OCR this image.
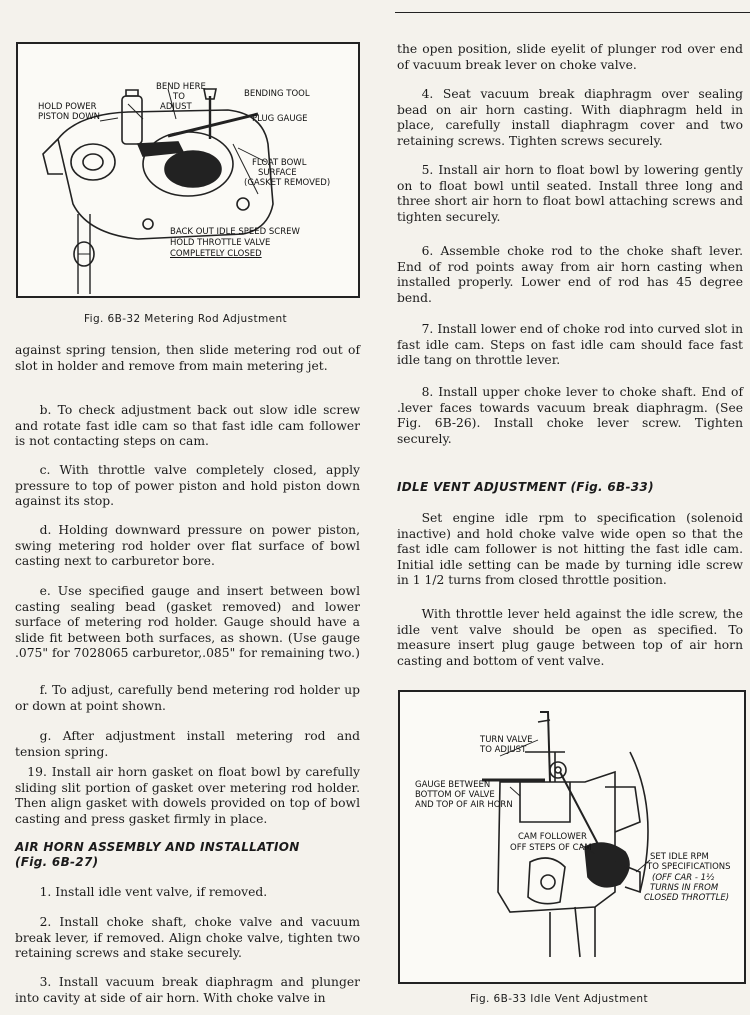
BEND HERE
TO
ADJUST
BENDING TOOL
HOLD POWER
PISTON DOWN	PLUG GAUGE
FLOAT BOWL
SURFACE
(GASKET REMOVED)
BACK OUT IDLE SPEED SCREW
HOLD THROTTLE VALVE
COMPLETELY CLOSED
Fig. 6B-32 Metering Rod Adjustment

against spring tension, then slide metering rod out of slot in holder and remove from main metering jet.

b. To check adjustment back out slow idle screw and rotate fast idle cam so that fast idle cam follower is not contacting steps on cam.

c. With throttle valve completely closed, apply pressure to top of power piston and hold piston down against its stop.

d. Holding downward pressure on power piston, swing metering rod holder over flat surface of bowl casting next to carburetor bore.

e. Use specified gauge and insert between bowl casting sealing bead (gasket removed) and lower surface of metering rod holder. Gauge should have a slide fit between both surfaces, as shown. (Use gauge .075" for 7028065 carburetor,.085" for remaining two.)

f. To adjust, carefully bend metering rod holder up or down at point shown.

g. After adjustment install metering rod and tension spring.

19. Install air horn gasket on float bowl by carefully sliding slit portion of gasket over metering rod holder. Then align gasket with dowels provided on top of bowl casting and press gasket firmly in place.

AIR HORN ASSEMBLY AND INSTALLATION
(Fig. 6B-27)

1. Install idle vent valve, if removed.

2. Install choke shaft, choke valve and vacuum break lever, if removed. Align choke valve, tighten two retaining screws and stake securely.

3. Install vacuum break diaphragm and plunger into cavity at side of air horn. With choke valve in

the open position, slide eyelit of plunger rod over end of vacuum break lever on choke valve.

4. Seat vacuum break diaphragm over sealing bead on air horn casting. With diaphragm held in place, carefully install diaphragm cover and two retaining screws. Tighten screws securely.

5. Install air horn to float bowl by lowering gently on to float bowl until seated. Install three long and three short air horn to float bowl attaching screws and tighten securely.

6. Assemble choke rod to the choke shaft lever. End of rod points away from air horn casting when installed properly. Lower end of rod has 45 degree bend.

7. Install lower end of choke rod into curved slot in fast idle cam. Steps on fast idle cam should face fast idle tang on throttle lever.

8. Install upper choke lever to choke shaft. End of .lever faces towards vacuum break diaphragm. (See Fig. 6B-26). Install choke lever screw. Tighten securely.

IDLE VENT ADJUSTMENT (Fig. 6B-33)

Set engine idle rpm to specification (solenoid inactive) and hold choke valve wide open so that the fast idle cam follower is not hitting the fast idle cam. Initial idle setting can be made by turning idle screw in 1 1/2 turns from closed throttle position.

With throttle lever held against the idle screw, the idle vent valve should be open as specified. To measure insert plug gauge between top of air horn casting and bottom of vent valve.

TURN VALVE
TO ADJUST
GAUGE BETWEEN
BOTTOM OF VALVE
AND TOP OF AIR HORN
CAM FOLLOWER
OFF STEPS OF CAM
SET IDLE RPM
TO SPECIFICATIONS
(OFF CAR - 1½
TURNS IN FROM
CLOSED THROTTLE)
Fig. 6B-33 Idle Vent Adjustment
